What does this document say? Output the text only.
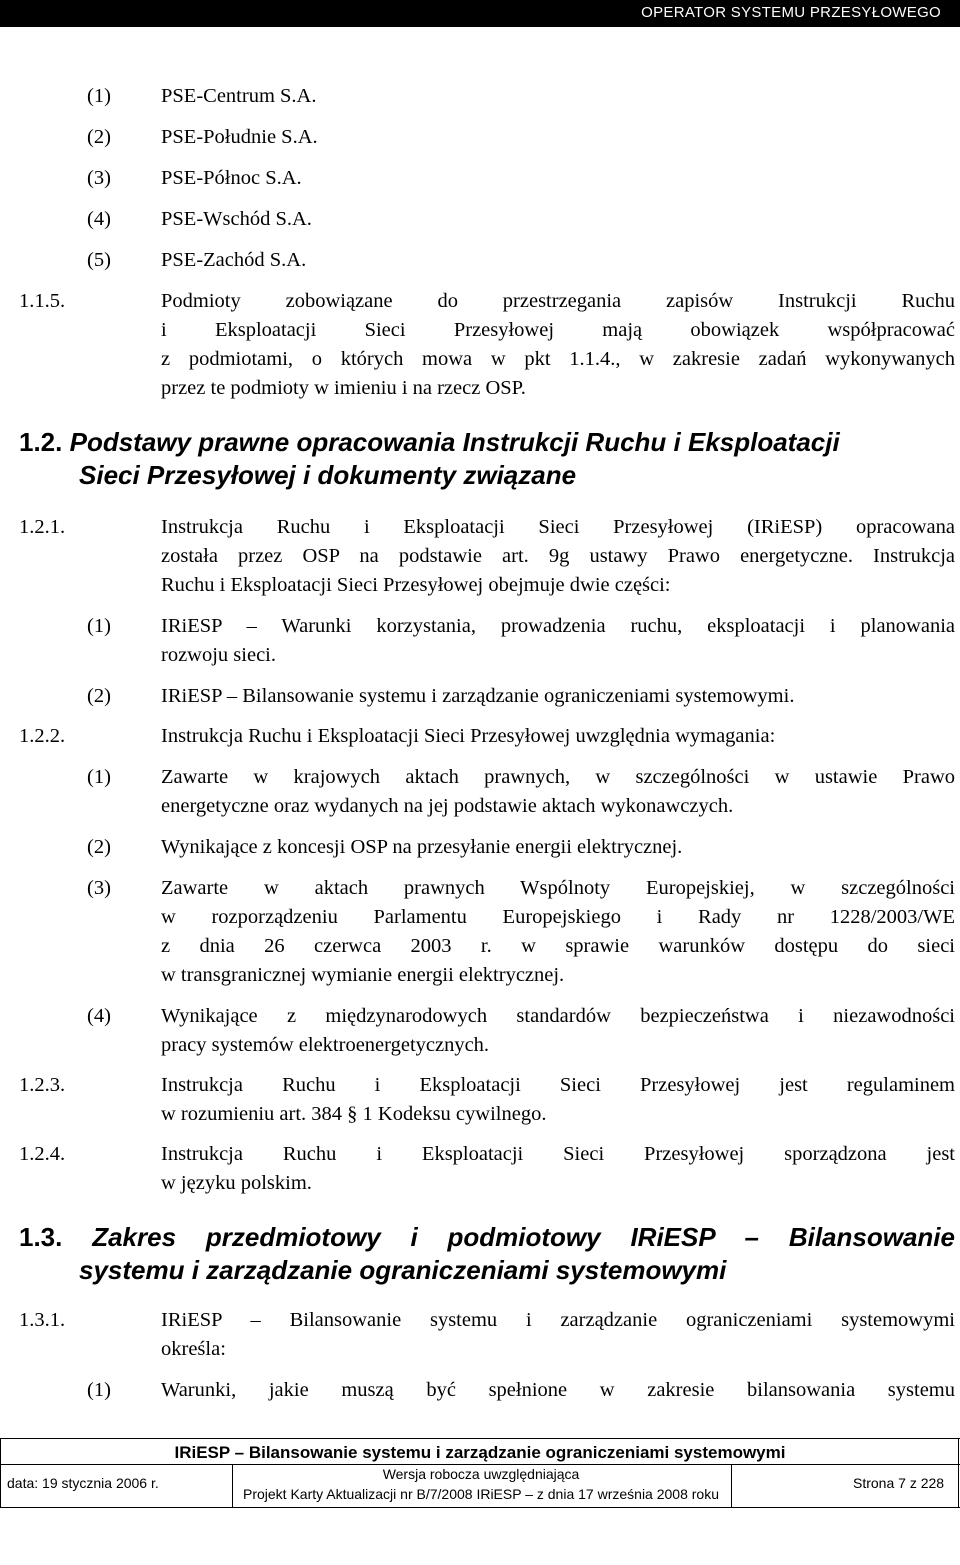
OPERATOR SYSTEMU PRZESYŁOWEGO
(1) PSE-Centrum S.A.
(2) PSE-Południe S.A.
(3) PSE-Północ S.A.
(4) PSE-Wschód S.A.
(5) PSE-Zachód S.A.
1.1.5.	Podmioty zobowiązane do przestrzegania zapisów Instrukcji Ruchu
i Eksploatacji Sieci Przesyłowej mają obowiązek współpracować
z podmiotami, o których mowa w pkt 1.1.4., w zakresie zadań wykonywanych
przez te podmioty w imieniu i na rzecz OSP.
1.2. Podstawy prawne opracowania Instrukcji Ruchu i Eksploatacji
Sieci Przesyłowej i dokumenty związane
1.2.1.	Instrukcja Ruchu i Eksploatacji Sieci Przesyłowej (IRiESP) opracowana
została przez OSP na podstawie art. 9g ustawy Prawo energetyczne. Instrukcja
Ruchu i Eksploatacji Sieci Przesyłowej obejmuje dwie części:
(1) IRiESP – Warunki korzystania, prowadzenia ruchu, eksploatacji i planowania
rozwoju sieci.
(2) IRiESP – Bilansowanie systemu i zarządzanie ograniczeniami systemowymi.
1.2.2.	Instrukcja Ruchu i Eksploatacji Sieci Przesyłowej uwzględnia wymagania:
(1) Zawarte w krajowych aktach prawnych, w szczególności w ustawie Prawo
energetyczne oraz wydanych na jej podstawie aktach wykonawczych.
(2) Wynikające z koncesji OSP na przesyłanie energii elektrycznej.
(3) Zawarte w aktach prawnych Wspólnoty Europejskiej, w szczególności
w rozporządzeniu Parlamentu Europejskiego i Rady nr 1228/2003/WE
z dnia 26 czerwca 2003 r. w sprawie warunków dostępu do sieci
w transgranicznej wymianie energii elektrycznej.
(4) Wynikające z międzynarodowych standardów bezpieczeństwa i niezawodności
pracy systemów elektroenergetycznych.
1.2.3.	Instrukcja Ruchu i Eksploatacji Sieci Przesyłowej jest regulaminem
w rozumieniu art. 384 § 1 Kodeksu cywilnego.
1.2.4.	Instrukcja Ruchu i Eksploatacji Sieci Przesyłowej sporządzona jest
w języku polskim.
1.3. Zakres przedmiotowy i podmiotowy IRiESP – Bilansowanie
systemu i zarządzanie ograniczeniami systemowymi
1.3.1.	IRiESP – Bilansowanie systemu i zarządzanie ograniczeniami systemowymi
określa:
(1) Warunki, jakie muszą być spełnione w zakresie bilansowania systemu
IRiESP – Bilansowanie systemu i zarządzanie ograniczeniami systemowymi
data: 19 stycznia 2006 r.
Wersja robocza uwzględniająca
Projekt Karty Aktualizacji nr B/7/2008 IRiESP – z dnia 17 września 2008 roku
Strona 7 z 228
